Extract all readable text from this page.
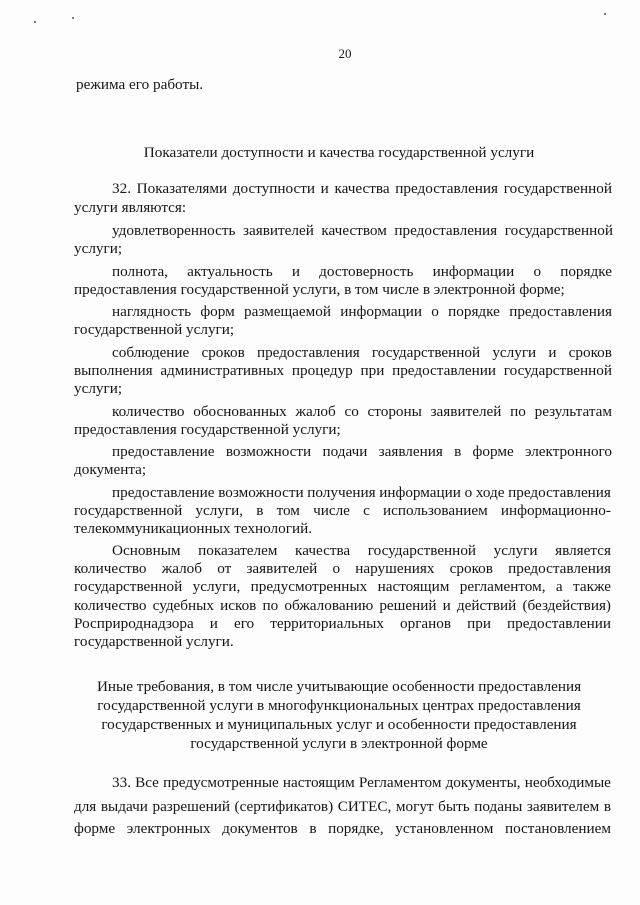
20
режима его работы.
Показатели доступности и качества государственной услуги
32. Показателями доступности и качества предоставления государственной
услуги являются:
удовлетворенность заявителей качеством предоставления государственной
услуги;
полнота, актуальность и достоверность информации о порядке
предоставления государственной услуги, в том числе в электронной форме;
наглядность форм размещаемой информации о порядке предоставления
государственной услуги;
соблюдение сроков предоставления государственной услуги и сроков
выполнения административных процедур при предоставлении государственной
услуги;
количество обоснованных жалоб со стороны заявителей по результатам
предоставления государственной услуги;
предоставление возможности подачи заявления в форме электронного
документа;
предоставление возможности получения информации о ходе предоставления
государственной услуги, в том числе с использованием информационно-
телекоммуникационных технологий.
Основным показателем качества государственной услуги является
количество жалоб от заявителей о нарушениях сроков предоставления
государственной услуги, предусмотренных настоящим регламентом, а также
количество судебных исков по обжалованию решений и действий (бездействия)
Росприроднадзора и его территориальных органов при предоставлении
государственной услуги.
Иные требования, в том числе учитывающие особенности предоставления
государственной услуги в многофункциональных центрах предоставления
государственных и муниципальных услуг и особенности предоставления
государственной услуги в электронной форме
33. Все предусмотренные настоящим Регламентом документы, необходимые
для выдачи разрешений (сертификатов) СИТЕС, могут быть поданы заявителем в
форме электронных документов в порядке, установленном постановлением
